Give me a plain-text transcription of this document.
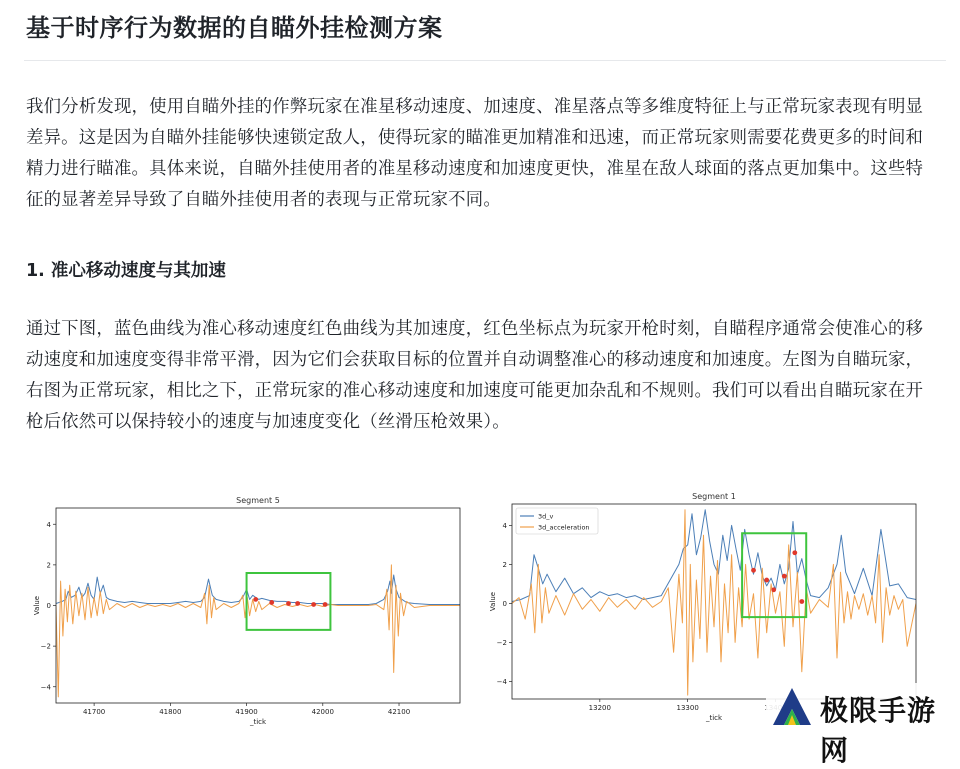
基于时序行为数据的自瞄外挂检测方案

我们分析发现，使用自瞄外挂的作弊玩家在准星移动速度、加速度、准星落点等多维度特征上与正常玩家表现有明显差异。这是因为自瞄外挂能够快速锁定敌人，使得玩家的瞄准更加精准和迅速，而正常玩家则需要花费更多的时间和精力进行瞄准。具体来说，自瞄外挂使用者的准星移动速度和加速度更快，准星在敌人球面的落点更加集中。这些特征的显著差异导致了自瞄外挂使用者的表现与正常玩家不同。

1. 准心移动速度与其加速

通过下图，蓝色曲线为准心移动速度红色曲线为其加速度，红色坐标点为玩家开枪时刻，自瞄程序通常会使准心的移动速度和加速度变得非常平滑，因为它们会获取目标的位置并自动调整准心的移动速度和加速度。左图为自瞄玩家，右图为正常玩家，相比之下，正常玩家的准心移动速度和加速度可能更加杂乱和不规则。我们可以看出自瞄玩家在开枪后依然可以保持较小的速度与加速度变化（丝滑压枪效果）。

Segment 5
41700	41800	41900	42000	42100
−4
−2
0
2
4
_tick
Value
Segment 1
13200	13300
−4
−2
0
2
4
_tick
Value
3d_v
3d_acceleration
极限手游网
